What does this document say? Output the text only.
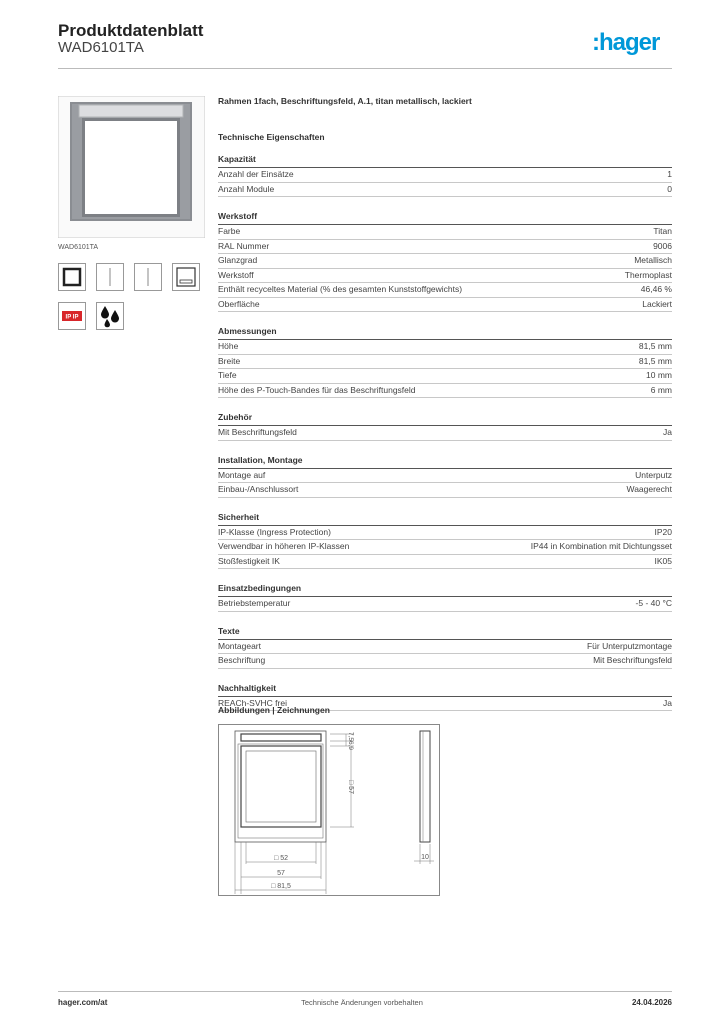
Produktdatenblatt
WAD6101TA	:hager
WAD6101TA
IP IP
Rahmen 1fach, Beschriftungsfeld, A.1, titan metallisch, lackiert
Technische Eigenschaften
Kapazität
Anzahl der Einsätze	1
Anzahl Module	0
Werkstoff
Farbe	Titan
RAL Nummer	9006
Glanzgrad	Metallisch
Werkstoff	Thermoplast
Enthält recyceltes Material (% des gesamten Kunststoffgewichts)	46,46 %
Oberfläche	Lackiert
Abmessungen
Höhe	81,5 mm
Breite	81,5 mm
Tiefe	10 mm
Höhe des P-Touch-Bandes für das Beschriftungsfeld	6 mm
Zubehör
Mit Beschriftungsfeld	Ja
Installation, Montage
Montage auf	Unterputz
Einbau-/Anschlussort	Waagerecht
Sicherheit
IP-Klasse (Ingress Protection)	IP20
Verwendbar in höheren IP-Klassen	IP44 in Kombination mit Dichtungsset
Stoßfestigkeit IK	IK05
Einsatzbedingungen
Betriebstemperatur	-5 - 40 °C
Texte
Montageart	Für Unterputzmontage
Beschriftung	Mit Beschriftungsfeld
Nachhaltigkeit
REACh-SVHC frei	Ja
Abbildungen | Zeichnungen
7,5
6,9
□ 57
□ 52
57
□ 81,5
10
hager.com/at	Technische Änderungen vorbehalten	24.04.2026
